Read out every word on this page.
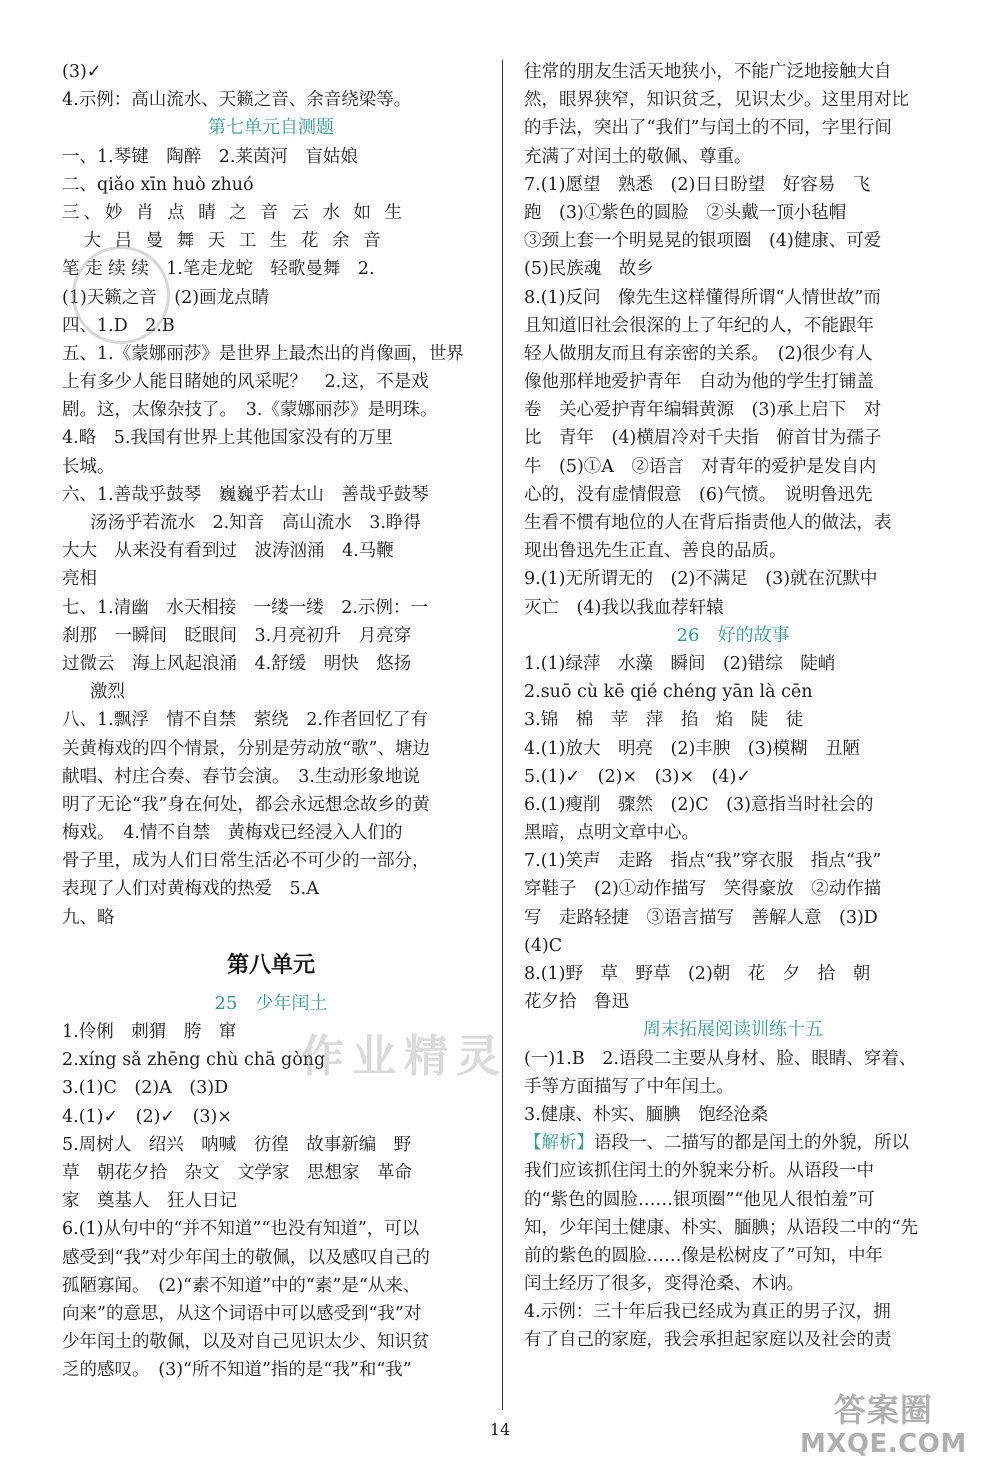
(3)✓
4.示例：高山流水、天籁之音、余音绕梁等。
第七单元自测题
一、1.琴键　陶醉　2.莱茵河　盲姑娘
二、qiǎo xīn huò zhuó
三、妙 肖 点 睛 之 音 云 水 如 生
　大 吕 曼 舞 天 工 生 花 余 音
笔 走 续 续　1.笔走龙蛇　轻歌曼舞　2.
(1)天籁之音　(2)画龙点睛
四、1.D　2.B
五、1.《蒙娜丽莎》是世界上最杰出的肖像画，世界
上有多少人能目睹她的风采呢？　2.这，不是戏
剧。这，太像杂技了。　3.《蒙娜丽莎》是明珠。
4.略　5.我国有世界上其他国家没有的万里
长城。
六、1.善哉乎鼓琴　巍巍乎若太山　善哉乎鼓琴
汤汤乎若流水　2.知音　高山流水　3.睁得
大大　从来没有看到过　波涛汹涌　4.马鞭
亮相
七、1.清幽　水天相接　一缕一缕　2.示例：一
刹那　一瞬间　眨眼间　3.月亮初升　月亮穿
过微云　海上风起浪涌　4.舒缓　明快　悠扬
激烈
八、1.飘浮　情不自禁　萦绕　2.作者回忆了有
关黄梅戏的四个情景，分别是劳动放“歌”、塘边
献唱、村庄合奏、春节会演。　3.生动形象地说
明了无论“我”身在何处，都会永远想念故乡的黄
梅戏。　4.情不自禁　黄梅戏已经浸入人们的
骨子里，成为人们日常生活必不可少的一部分，
表现了人们对黄梅戏的热爱　5.A
九、略
第八单元
25　少年闰土
1.伶俐　刺猬　胯　窜
2.xíng sǎ zhēng chù chā gòng
3.(1)C　(2)A　(3)D
4.(1)✓　(2)✓　(3)×
5.周树人　绍兴　呐喊　彷徨　故事新编　野
草　朝花夕拾　杂文　文学家　思想家　革命
家　奠基人　狂人日记
6.(1)从句中的“并不知道”“也没有知道”，可以
感受到“我”对少年闰土的敬佩，以及感叹自己的
孤陋寡闻。　(2)“素不知道”中的“素”是“从来、
向来”的意思，从这个词语中可以感受到“我”对
少年闰土的敬佩，以及对自己见识太少、知识贫
乏的感叹。　(3)“所不知道”指的是“我”和“我”
往常的朋友生活天地狭小，不能广泛地接触大自
然，眼界狭窄，知识贫乏，见识太少。这里用对比
的手法，突出了“我们”与闰土的不同，字里行间
充满了对闰土的敬佩、尊重。
7.(1)愿望　熟悉　(2)日日盼望　好容易　飞
跑　(3)①紫色的圆脸　②头戴一顶小毡帽
③颈上套一个明晃晃的银项圈　(4)健康、可爱
(5)民族魂　故乡
8.(1)反问　像先生这样懂得所谓“人情世故”而
且知道旧社会很深的上了年纪的人，不能跟年
轻人做朋友而且有亲密的关系。　(2)很少有人
像他那样地爱护青年　自动为他的学生打铺盖
卷　关心爱护青年编辑黄源　(3)承上启下　对
比　青年　(4)横眉冷对千夫指　俯首甘为孺子
牛　(5)①A　②语言　对青年的爱护是发自内
心的，没有虚情假意　(6)气愤。　说明鲁迅先
生看不惯有地位的人在背后指责他人的做法，表
现出鲁迅先生正直、善良的品质。
9.(1)无所谓无的　(2)不满足　(3)就在沉默中
灭亡　(4)我以我血荐轩辕
26　好的故事
1.(1)绿萍　水藻　瞬间　(2)错综　陡峭
2.suō cù kē qié chéng yān là cēn
3.锦　棉　苹　萍　掐　焰　陡　徒
4.(1)放大　明亮　(2)丰腴　(3)模糊　丑陋
5.(1)✓　(2)×　(3)×　(4)✓
6.(1)瘦削　骤然　(2)C　(3)意指当时社会的
黑暗，点明文章中心。
7.(1)笑声　走路　指点“我”穿衣服　指点“我”
穿鞋子　(2)①动作描写　笑得豪放　②动作描
写　走路轻捷　③语言描写　善解人意　(3)D
(4)C
8.(1)野　草　野草　(2)朝　花　夕　拾　朝
花夕拾　鲁迅
周末拓展阅读训练十五
(一)1.B　2.语段二主要从身材、脸、眼睛、穿着、
手等方面描写了中年闰土。
3.健康、朴实、腼腆　饱经沧桑
【解析】语段一、二描写的都是闰土的外貌，所以
我们应该抓住闰土的外貌来分析。从语段一中
的“紫色的圆脸……银项圈”“他见人很怕羞”可
知，少年闰土健康、朴实、腼腆；从语段二中的“先
前的紫色的圆脸……像是松树皮了”可知，中年
闰土经历了很多，变得沧桑、木讷。
4.示例：三十年后我已经成为真正的男子汉，拥
有了自己的家庭，我会承担起家庭以及社会的责
作业精灵
14
答案圈
MXQE.COM
